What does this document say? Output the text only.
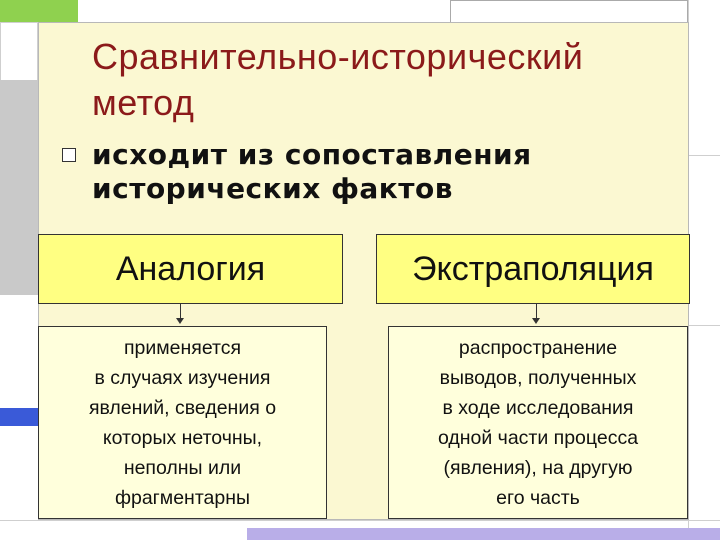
Сравнительно-исторический
метод
исходит из сопоставления исторических фактов
Аналогия
применяется
в случаях изучения
явлений, сведения о
которых неточны,
неполны или
фрагментарны
Экстраполяция
распространение
выводов, полученных
в ходе исследования
одной части процесса
(явления), на другую
его часть
